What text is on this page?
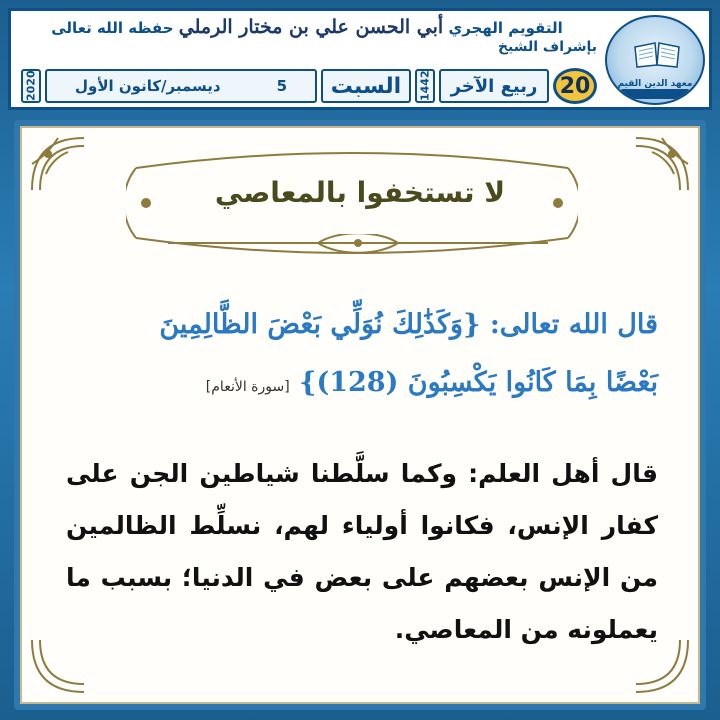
معهد الدين القيم
التقويم الهجري أبي الحسن علي بن مختار الرملي حفظه الله تعالى
بإشراف الشيخ
20
ربيع الآخر
1442
السبت
5
ديسمبر/كانون الأول
2020
لا تستخفوا بالمعاصي
قال الله تعالى: {وَكَذَٰلِكَ نُوَلِّي بَعْضَ الظَّالِمِينَ
بَعْضًا بِمَا كَانُوا يَكْسِبُونَ (128)} [سورة الأنعام]
قال أهل العلم: وكما سلَّطنا شياطين الجن على كفار الإنس، فكانوا أولياء لهم، نسلِّط الظالمين من الإنس بعضهم على بعض في الدنيا؛ بسبب ما يعملونه من المعاصي.
